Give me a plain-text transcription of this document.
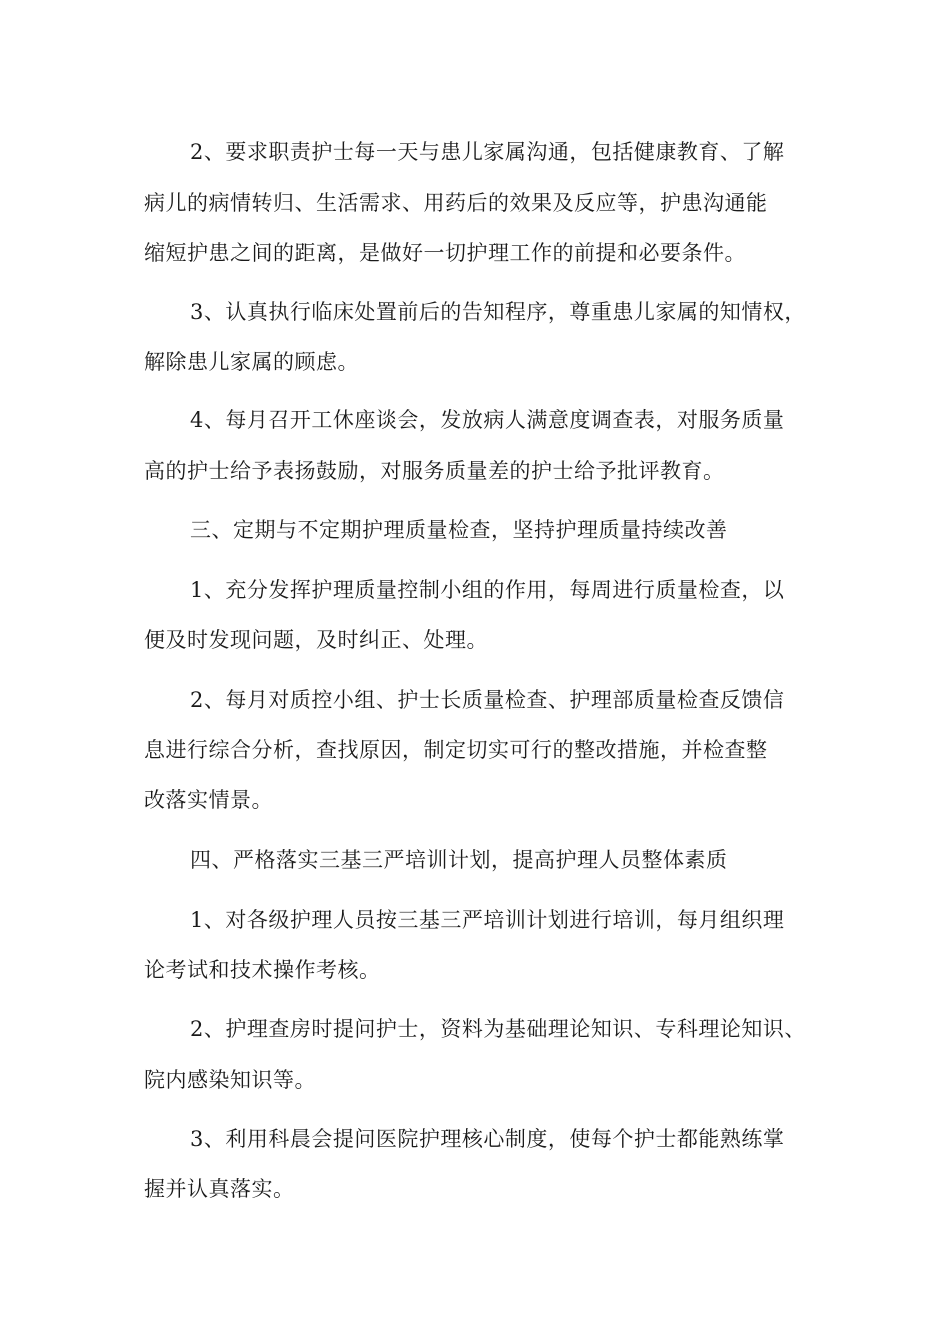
2、要求职责护士每一天与患儿家属沟通，包括健康教育、了解
病儿的病情转归、生活需求、用药后的效果及反应等，护患沟通能
缩短护患之间的距离，是做好一切护理工作的前提和必要条件。
3、认真执行临床处置前后的告知程序，尊重患儿家属的知情权，
解除患儿家属的顾虑。
4、每月召开工休座谈会，发放病人满意度调查表，对服务质量
高的护士给予表扬鼓励，对服务质量差的护士给予批评教育。
三、定期与不定期护理质量检查，坚持护理质量持续改善
1、充分发挥护理质量控制小组的作用，每周进行质量检查，以
便及时发现问题，及时纠正、处理。
2、每月对质控小组、护士长质量检查、护理部质量检查反馈信
息进行综合分析，查找原因，制定切实可行的整改措施，并检查整
改落实情景。
四、严格落实三基三严培训计划，提高护理人员整体素质
1、对各级护理人员按三基三严培训计划进行培训，每月组织理
论考试和技术操作考核。
2、护理查房时提问护士，资料为基础理论知识、专科理论知识、
院内感染知识等。
3、利用科晨会提问医院护理核心制度，使每个护士都能熟练掌
握并认真落实。
